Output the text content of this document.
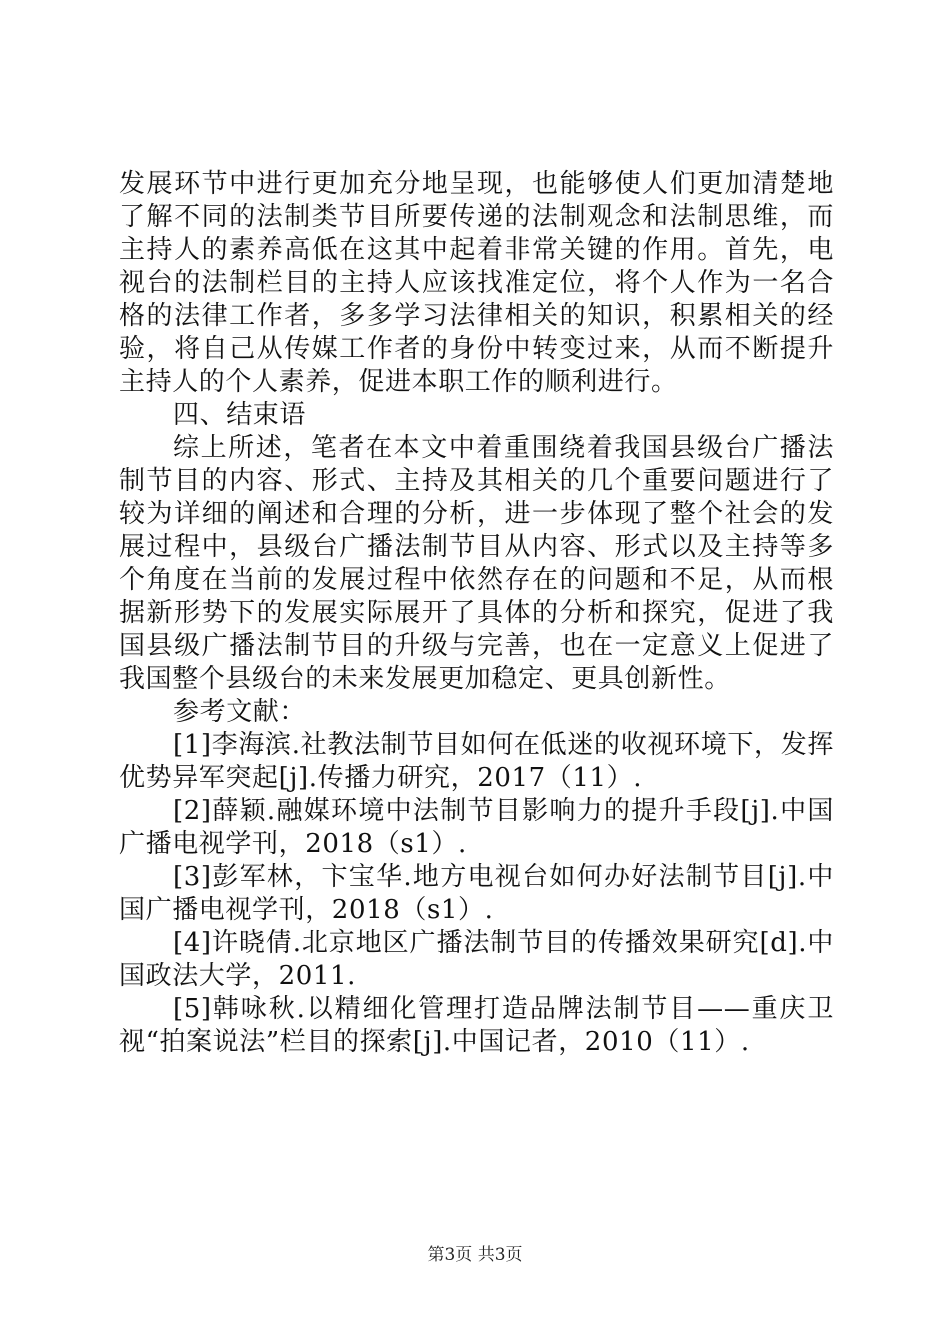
发展环节中进行更加充分地呈现，也能够使人们更加清楚地了解不同的法制类节目所要传递的法制观念和法制思维，而主持人的素养高低在这其中起着非常关键的作用。首先，电视台的法制栏目的主持人应该找准定位，将个人作为一名合格的法律工作者，多多学习法律相关的知识，积累相关的经验，将自己从传媒工作者的身份中转变过来，从而不断提升主持人的个人素养，促进本职工作的顺利进行。

四、结束语

综上所述，笔者在本文中着重围绕着我国县级台广播法制节目的内容、形式、主持及其相关的几个重要问题进行了较为详细的阐述和合理的分析，进一步体现了整个社会的发展过程中，县级台广播法制节目从内容、形式以及主持等多个角度在当前的发展过程中依然存在的问题和不足，从而根据新形势下的发展实际展开了具体的分析和探究，促进了我国县级广播法制节目的升级与完善，也在一定意义上促进了我国整个县级台的未来发展更加稳定、更具创新性。

参考文献：

[1]李海滨.社教法制节目如何在低迷的收视环境下，发挥优势异军突起[j].传播力研究，2017（11）.

[2]薛颖.融媒环境中法制节目影响力的提升手段[j].中国广播电视学刊，2018（s1）.

[3]彭军林，卞宝华.地方电视台如何办好法制节目[j].中国广播电视学刊，2018（s1）.

[4]许晓倩.北京地区广播法制节目的传播效果研究[d].中国政法大学，2011.

[5]韩咏秋.以精细化管理打造品牌法制节目——重庆卫视“拍案说法”栏目的探索[j].中国记者，2010（11）.

第3页 共3页
